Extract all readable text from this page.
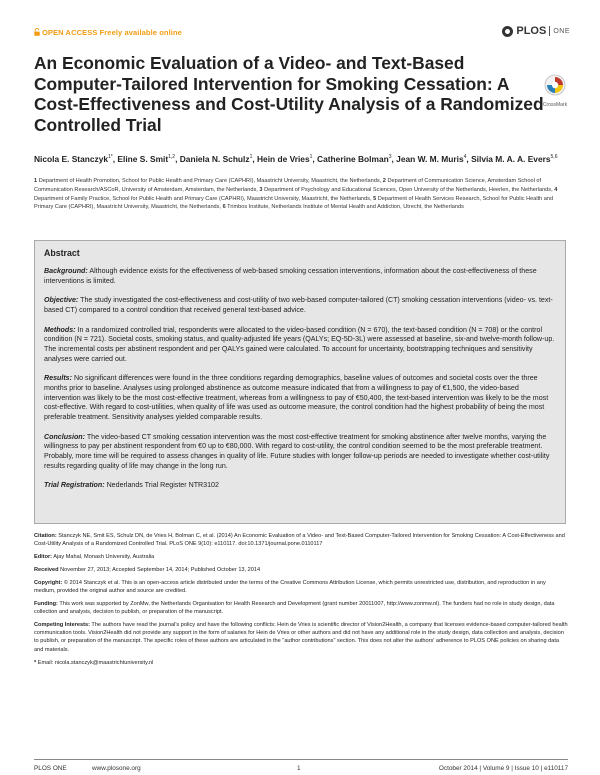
OPEN ACCESS Freely available online	PLOS ONE
An Economic Evaluation of a Video- and Text-Based Computer-Tailored Intervention for Smoking Cessation: A Cost-Effectiveness and Cost-Utility Analysis of a Randomized Controlled Trial
CrossMark
Nicola E. Stanczyk$^{1*}$, Eline S. Smit$^{1,2}$, Daniela N. Schulz$^1$, Hein de Vries$^1$, Catherine Bolman$^3$, Jean W. M. Muris$^4$, Silvia M. A. A. Evers$^{5,6}$
1 Department of Health Promotion, School for Public Health and Primary Care (CAPHRI), Maastricht University, Maastricht, the Netherlands, 2 Department of Communication Science, Amsterdam School of Communication Research/ASCoR, University of Amsterdam, Amsterdam, the Netherlands, 3 Department of Psychology and Educational Sciences, Open University of the Netherlands, Heerlen, the Netherlands, 4 Department of Family Practice, School for Public Health and Primary Care (CAPHRI), Maastricht University, Maastricht, the Netherlands, 5 Department of Health Services Research, School for Public Health and Primary Care (CAPHRI), Maastricht University, Maastricht, the Netherlands, 6 Trimbos Institute, Netherlands Institute of Mental Health and Addiction, Utrecht, the Netherlands
Abstract

Background: Although evidence exists for the effectiveness of web-based smoking cessation interventions, information about the cost-effectiveness of these interventions is limited.

Objective: The study investigated the cost-effectiveness and cost-utility of two web-based computer-tailored (CT) smoking cessation interventions (video- vs. text-based CT) compared to a control condition that received general text-based advice.

Methods: In a randomized controlled trial, respondents were allocated to the video-based condition (N = 670), the text-based condition (N = 708) or the control condition (N = 721). Societal costs, smoking status, and quality-adjusted life years (QALYs; EQ-5D-3L) were assessed at baseline, six-and twelve-month follow-up. The incremental costs per abstinent respondent and per QALYs gained were calculated. To account for uncertainty, bootstrapping techniques and sensitivity analyses were carried out.

Results: No significant differences were found in the three conditions regarding demographics, baseline values of outcomes and societal costs over the three months prior to baseline. Analyses using prolonged abstinence as outcome measure indicated that from a willingness to pay of €1,500, the video-based intervention was likely to be the most cost-effective treatment, whereas from a willingness to pay of €50,400, the text-based intervention was likely to be the most cost-effective. With regard to cost-utilities, when quality of life was used as outcome measure, the control condition had the highest probability of being the most preferable treatment. Sensitivity analyses yielded comparable results.

Conclusion: The video-based CT smoking cessation intervention was the most cost-effective treatment for smoking abstinence after twelve months, varying the willingness to pay per abstinent respondent from €0 up to €80,000. With regard to cost-utility, the control condition seemed to be the most preferable treatment. Probably, more time will be required to assess changes in quality of life. Future studies with longer follow-up periods are needed to investigate whether cost-utility results regarding quality of life may change in the long run.

Trial Registration: Nederlands Trial Register NTR3102

Citation: Stanczyk NE, Smit ES, Schulz DN, de Vries H, Bolman C, et al. (2014) An Economic Evaluation of a Video- and Text-Based Computer-Tailored Intervention for Smoking Cessation: A Cost-Effectiveness and Cost-Utility Analysis of a Randomized Controlled Trial. PLoS ONE 9(10): e110117. doi:10.1371/journal.pone.0110117

Editor: Ajay Mahal, Monash University, Australia

Received November 27, 2013; Accepted September 14, 2014; Published October 13, 2014

Copyright: © 2014 Stanczyk et al. This is an open-access article distributed under the terms of the Creative Commons Attribution License, which permits unrestricted use, distribution, and reproduction in any medium, provided the original author and source are credited.

Funding: This work was supported by ZonMw, the Netherlands Organisation for Health Research and Development (grant number 20011007, http://www.zonmw.nl). The funders had no role in study design, data collection and analysis, decision to publish, or preparation of the manuscript.

Competing Interests: The authors have read the journal's policy and have the following conflicts: Hein de Vries is scientific director of Vision2Health, a company that licenses evidence-based computer-tailored health communication tools. Vision2Health did not provide any support in the form of salaries for Hein de Vries or other authors and did not have any additional role in the study design, data collection and analysis, decision to publish, or preparation of the manuscript. The specific roles of these authors are articulated in the "author contributions" section. This does not alter the authors' adherence to PLOS ONE policies on sharing data and materials.

* Email: nicola.stanczyk@maastrichtuniversity.nl

PLOS ONE	www.plosone.org	1	October 2014 | Volume 9 | Issue 10 | e110117
